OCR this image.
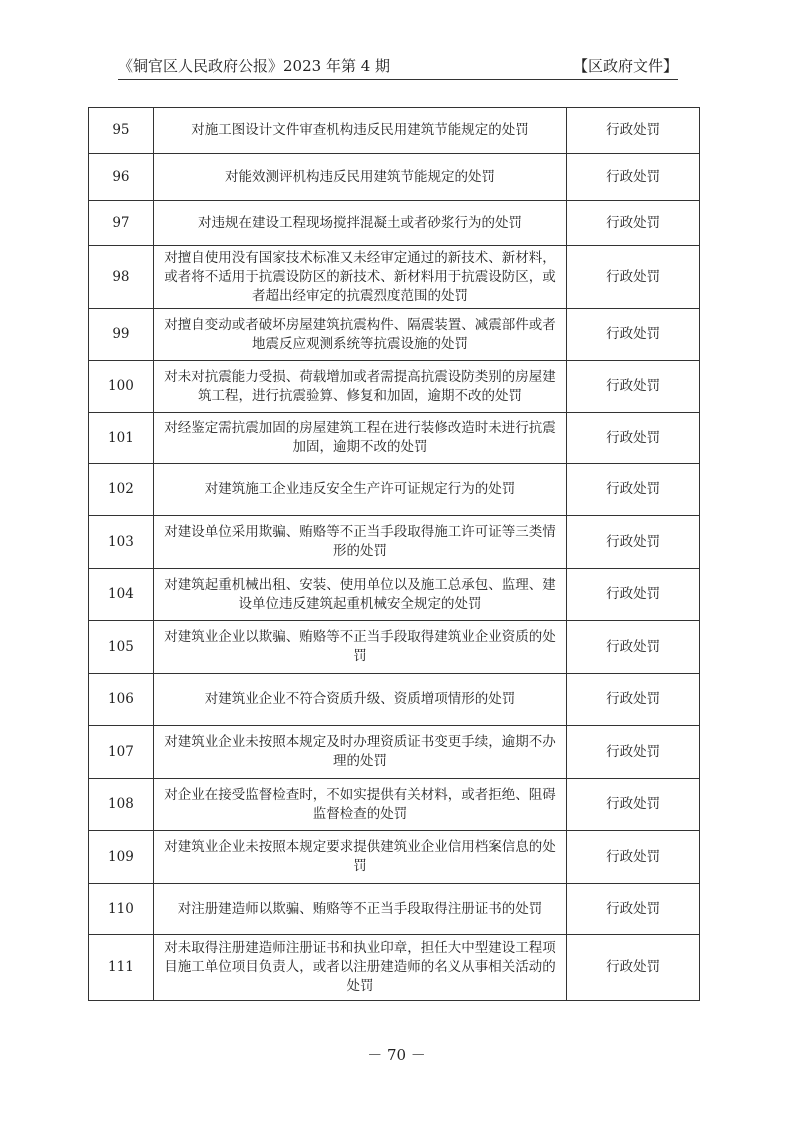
《铜官区人民政府公报》2023 年第 4 期	【区政府文件】
95	对施工图设计文件审查机构违反民用建筑节能规定的处罚	行政处罚
96	对能效测评机构违反民用建筑节能规定的处罚	行政处罚
97	对违规在建设工程现场搅拌混凝土或者砂浆行为的处罚	行政处罚
98	对擅自使用没有国家技术标准又未经审定通过的新技术、新材料，或者将不适用于抗震设防区的新技术、新材料用于抗震设防区，或者超出经审定的抗震烈度范围的处罚	行政处罚
99	对擅自变动或者破坏房屋建筑抗震构件、隔震装置、减震部件或者地震反应观测系统等抗震设施的处罚	行政处罚
100	对未对抗震能力受损、荷载增加或者需提高抗震设防类别的房屋建筑工程，进行抗震验算、修复和加固，逾期不改的处罚	行政处罚
101	对经鉴定需抗震加固的房屋建筑工程在进行装修改造时未进行抗震加固，逾期不改的处罚	行政处罚
102	对建筑施工企业违反安全生产许可证规定行为的处罚	行政处罚
103	对建设单位采用欺骗、贿赂等不正当手段取得施工许可证等三类情形的处罚	行政处罚
104	对建筑起重机械出租、安装、使用单位以及施工总承包、监理、建设单位违反建筑起重机械安全规定的处罚	行政处罚
105	对建筑业企业以欺骗、贿赂等不正当手段取得建筑业企业资质的处罚	行政处罚
106	对建筑业企业不符合资质升级、资质增项情形的处罚	行政处罚
107	对建筑业企业未按照本规定及时办理资质证书变更手续，逾期不办理的处罚	行政处罚
108	对企业在接受监督检查时，不如实提供有关材料，或者拒绝、阻碍监督检查的处罚	行政处罚
109	对建筑业企业未按照本规定要求提供建筑业企业信用档案信息的处罚	行政处罚
110	对注册建造师以欺骗、贿赂等不正当手段取得注册证书的处罚	行政处罚
111	对未取得注册建造师注册证书和执业印章，担任大中型建设工程项目施工单位项目负责人，或者以注册建造师的名义从事相关活动的处罚	行政处罚
－ 70 －
